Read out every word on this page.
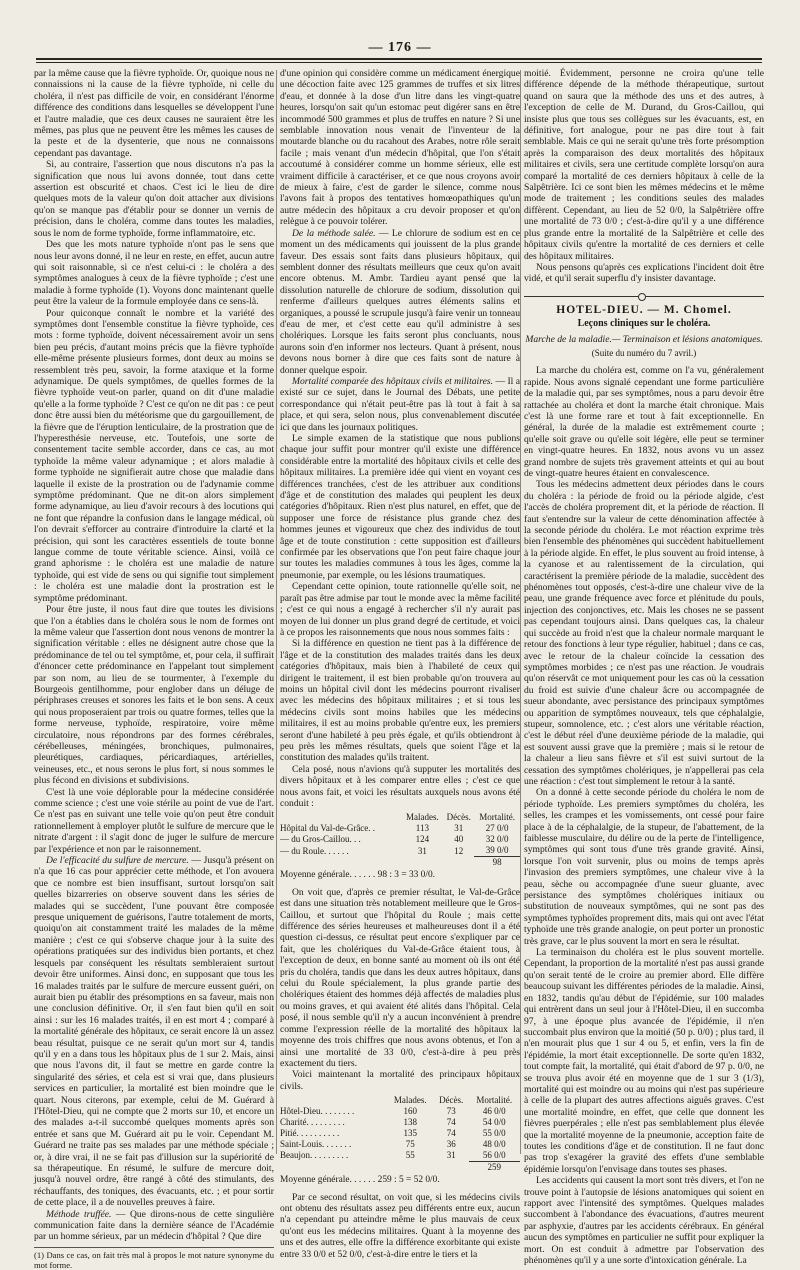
— 176 —

par la même cause que la fièvre typhoïde. Or, quoique nous ne connaissions ni la cause de la fièvre typhoïde, ni celle du choléra, il n'est pas difficile de voir, en considérant l'énorme différence des conditions dans lesquelles se développent l'une et l'autre maladie, que ces deux causes ne sauraient être les mêmes, pas plus que ne peuvent être les mêmes les causes de la peste et de la dysenterie, que nous ne connaissons cependant pas davantage.

Si, au contraire, l'assertion que nous discutons n'a pas la signification que nous lui avons donnée, tout dans cette assertion est obscurité et chaos. C'est ici le lieu de dire quelques mots de la valeur qu'on doit attacher aux divisions qu'on se manque pas d'établir pour se donner un vernis de précision, dans le choléra, comme dans toutes les maladies, sous le nom de forme typhoïde, forme inflammatoire, etc.

Des que les mots nature typhoïde n'ont pas le sens que nous leur avons donné, il ne leur en reste, en effet, aucun autre qui soit raisonnable, si ce n'est celui-ci : le choléra a des symptômes analogues à ceux de la fièvre typhoïde ; c'est une maladie à forme typhoïde (1). Voyons donc maintenant quelle peut être la valeur de la formule employée dans ce sens-là.

Pour quiconque connaît le nombre et la variété des symptômes dont l'ensemble constitue la fièvre typhoïde, ces mots : forme typhoïde, doivent nécessairement avoir un sens bien peu précis, d'autant moins précis que la fièvre typhoïde elle-même présente plusieurs formes, dont deux au moins se ressemblent très peu, savoir, la forme ataxique et la forme adynamique. De quels symptômes, de quelles formes de la fièvre typhoïde veut-on parler, quand on dit d'une maladie qu'elle a la forme typhoïde ? C'est ce qu'on ne dit pas : ce peut donc être aussi bien du météorisme que du gargouillement, de la fièvre que de l'éruption lenticulaire, de la prostration que de l'hyperesthésie nerveuse, etc. Toutefois, une sorte de consentement tacite semble accorder, dans ce cas, au mot typhoïde la même valeur adynamique ; et alors maladie à forme typhoïde ne signifierait autre chose que maladie dans laquelle il existe de la prostration ou de l'adynamie comme symptôme prédominant. Que ne dit-on alors simplement forme adynamique, au lieu d'avoir recours à des locutions qui ne font que répandre la confusion dans le langage médical, où l'on devrait s'efforcer au contraire d'introduire la clarté et la précision, qui sont les caractères essentiels de toute bonne langue comme de toute véritable science. Ainsi, voilà ce grand aphorisme : le choléra est une maladie de nature typhoïde, qui est vide de sens ou qui signifie tout simplement : le choléra est une maladie dont la prostration est le symptôme prédominant.

Pour être juste, il nous faut dire que toutes les divisions que l'on a établies dans le choléra sous le nom de formes ont la même valeur que l'assertion dont nous venons de montrer la signification véritable : elles ne désignent autre chose que la prédominance de tel ou tel symptôme, et, pour cela, il suffirait d'énoncer cette prédominance en l'appelant tout simplement par son nom, au lieu de se tourmenter, à l'exemple du Bourgeois gentilhomme, pour englober dans un déluge de périphrases creuses et sonores les faits et le bon sens. A ceux qui nous proposeraient par trois ou quatre formes, telles que la forme nerveuse, typhoïde, respiratoire, voire même circulatoire, nous répondrons par des formes cérébrales, cérébelleuses, méningées, bronchiques, pulmonaires, pleurétiques, cardiaques, péricardiaques, artérielles, veineuses, etc., et nous serons le plus fort, si nous sommes le plus fécond en divisions et subdivisions.

C'est là une voie déplorable pour la médecine considérée comme science ; c'est une voie stérile au point de vue de l'art. Ce n'est pas en suivant une telle voie qu'on peut être conduit rationnellement à employer plutôt le sulfure de mercure que le nitrate d'argent : il s'agit donc de juger le sulfure de mercure par l'expérience et non par le raisonnement.

De l'efficacité du sulfure de mercure. — Jusqu'à présent on n'a que 16 cas pour apprécier cette méthode, et l'on avouera que ce nombre est bien insuffisant, surtout lorsqu'on sait quelles bizarreries on observe souvent dans les séries de malades qui se succèdent, l'une pouvant être composée presque uniquement de guérisons, l'autre totalement de morts, quoiqu'on ait constamment traité les malades de la même manière ; c'est ce qui s'observe chaque jour à la suite des opérations pratiquées sur des individus bien portants, et chez lesquels par conséquent les résultats sembleraient surtout devoir être uniformes. Ainsi donc, en supposant que tous les 16 malades traités par le sulfure de mercure eussent guéri, on aurait bien pu établir des présomptions en sa faveur, mais non une conclusion définitive. Or, il s'en faut bien qu'il en soit ainsi : sur les 16 malades traités, il en est mort 4 ; comparé à la mortalité générale des hôpitaux, ce serait encore là un assez beau résultat, puisque ce ne serait qu'un mort sur 4, tandis qu'il y en a dans tous les hôpitaux plus de 1 sur 2. Mais, ainsi que nous l'avons dit, il faut se mettre en garde contre la singularité des séries, et cela est si vrai que, dans plusieurs services en particulier, la mortalité est bien moindre que le quart. Nous citerons, par exemple, celui de M. Guérard à l'Hôtel-Dieu, qui ne compte que 2 morts sur 10, et encore un des malades a-t-il succombé quelques moments après son entrée et sans que M. Guérard ait pu le voir. Cependant M. Guérard ne traite pas ses malades par une méthode spéciale ; or, à dire vrai, il ne se fait pas d'illusion sur la supériorité de sa thérapeutique. En résumé, le sulfure de mercure doit, jusqu'à nouvel ordre, être rangé à côté des stimulants, des réchauffants, des toniques, des évacuants, etc. ; et pour sortir de cette place, il a de nouvelles preuves à faire.

Méthode truffée. — Que dirons-nous de cette singulière communication faite dans la dernière séance de l'Académie par un homme sérieux, par un médecin d'hôpital ? Que dire

(1) Dans ce cas, on fait très mal à propos le mot nature synonyme du mot forme.

d'une opinion qui considère comme un médicament énergique une décoction faite avec 125 grammes de truffes et six litres d'eau, et donnée à la dose d'un litre dans les vingt-quatre heures, lorsqu'on sait qu'un estomac peut digérer sans en être incommodé 500 grammes et plus de truffes en nature ? Si une semblable innovation nous venait de l'inventeur de la moutarde blanche ou du racahout des Arabes, notre rôle serait facile ; mais venant d'un médecin d'hôpital, que l'on s'était accoutumé à considérer comme un homme sérieux, elle est vraiment difficile à caractériser, et ce que nous croyons avoir de mieux à faire, c'est de garder le silence, comme nous l'avons fait à propos des tentatives homœopathiques qu'un autre médecin des hôpitaux a cru devoir proposer et qu'on relègue à ce pouvoir tolérer.

De la méthode salée. — Le chlorure de sodium est en ce moment un des médicaments qui jouissent de la plus grande faveur. Des essais sont faits dans plusieurs hôpitaux, qui semblent donner des résultats meilleurs que ceux qu'on avait encore obtenus. M. Ambr. Tardieu ayant pensé que la dissolution naturelle de chlorure de sodium, dissolution qui renferme d'ailleurs quelques autres éléments salins et organiques, a poussé le scrupule jusqu'à faire venir un tonneau d'eau de mer, et c'est cette eau qu'il administre à ses cholériques. Lorsque les faits seront plus concluants, nous aurons soin d'en informer nos lecteurs. Quant à présent, nous devons nous borner à dire que ces faits sont de nature à donner quelque espoir.

Mortalité comparée des hôpitaux civils et militaires. — Il a existé sur ce sujet, dans le Journal des Débats, une petite correspondance qui n'était peut-être pas là tout à fait à sa place, et qui sera, selon nous, plus convenablement discutée ici que dans les journaux politiques.

Le simple examen de la statistique que nous publions chaque jour suffit pour montrer qu'il existe une différence considérable entre la mortalité des hôpitaux civils et celle des hôpitaux militaires. La première idée qui vient en voyant ces différences tranchées, c'est de les attribuer aux conditions d'âge et de constitution des malades qui peuplent les deux catégories d'hôpitaux. Rien n'est plus naturel, en effet, que de supposer une force de résistance plus grande chez des hommes jeunes et vigoureux que chez des individus de tout âge et de toute constitution : cette supposition est d'ailleurs confirmée par les observations que l'on peut faire chaque jour sur toutes les maladies communes à tous les âges, comme la pneumonie, par exemple, ou les lésions traumatiques.

Cependant cette opinion, toute rationnelle qu'elle soit, ne paraît pas être admise par tout le monde avec la même facilité ; c'est ce qui nous a engagé à rechercher s'il n'y aurait pas moyen de lui donner un plus grand degré de certitude, et voici à ce propos les raisonnements que nous nous sommes faits :

Si la différence en question ne tient pas à la différence de l'âge et de la constitution des malades traités dans les deux catégories d'hôpitaux, mais bien à l'habileté de ceux qui dirigent le traitement, il est bien probable qu'on trouvera au moins un hôpital civil dont les médecins pourront rivaliser avec les médecins des hôpitaux militaires ; et si tous les médecins civils sont moins habiles que les médecins militaires, il est au moins probable qu'entre eux, les premiers seront d'une habileté à peu près égale, et qu'ils obtiendront à peu près les mêmes résultats, quels que soient l'âge et la constitution des malades qu'ils traitent.

Cela posé, nous n'avions qu'à supputer les mortalités des divers hôpitaux et à les comparer entre elles ; c'est ce que nous avons fait, et voici les résultats auxquels nous avons été conduit :

	Malades.	Décès.	Mortalité.
Hôpital du Val-de-Grâce. .	113	31	27 0/0
— du Gros-Caillou. . .	124	40	32 0/0
— du Roule. . . . . .	31	12	39 0/0
			98
Moyenne générale. . . . . . 98 : 3 = 33 0/0.

On voit que, d'après ce premier résultat, le Val-de-Grâce est dans une situation très notablement meilleure que le Gros-Caillou, et surtout que l'hôpital du Roule ; mais cette différence des séries heureuses et malheureuses dont il a été question ci-dessus, ce résultat peut encore s'expliquer par ce fait, que les cholériques du Val-de-Grâce étaient tous, à l'exception de deux, en bonne santé au moment où ils ont été pris du choléra, tandis que dans les deux autres hôpitaux, dans celui du Roule spécialement, la plus grande partie des cholériques étaient des hommes déjà affectés de maladies plus ou moins graves, et qui avaient été alités dans l'hôpital. Cela posé, il nous semble qu'il n'y a aucun inconvénient à prendre comme l'expression réelle de la mortalité des hôpitaux la moyenne des trois chiffres que nous avons obtenus, et l'on a ainsi une mortalité de 33 0/0, c'est-à-dire à peu près exactement du tiers.

Voici maintenant la mortalité des principaux hôpitaux civils.

	Malades.	Décès.	Mortalité.
Hôtel-Dieu. . . . . . . .	160	73	46 0/0
Charité. . . . . . . . .	138	74	54 0/0
Pitié. . . . . . . . . .	135	74	55 0/0
Saint-Louis. . . . . . .	75	36	48 0/0
Beaujon. . . . . . . . .	55	31	56 0/0
			259
Moyenne générale. . . . . . 259 : 5 = 52 0/0.

Par ce second résultat, on voit que, si les médecins civils ont obtenu des résultats assez peu différents entre eux, aucun n'a cependant pu atteindre même le plus mauvais de ceux qu'ont eus les médecins militaires. Quant à la moyenne des uns et des autres, elle offre la différence exorbitante qui existe entre 33 0/0 et 52 0/0, c'est-à-dire entre le tiers et la

moitié. Évidemment, personne ne croira qu'une telle différence dépende de la méthode thérapeutique, surtout quand on saura que la méthode des uns et des autres, à l'exception de celle de M. Durand, du Gros-Caillou, qui insiste plus que tous ses collègues sur les évacuants, est, en définitive, fort analogue, pour ne pas dire tout à fait semblable. Mais ce qui ne serait qu'une très forte présomption après la comparaison des deux mortalités des hôpitaux militaires et civils, sera une certitude complète lorsqu'on aura comparé la mortalité de ces derniers hôpitaux à celle de la Salpêtrière. Ici ce sont bien les mêmes médecins et le même mode de traitement ; les conditions seules des malades diffèrent. Cependant, au lieu de 52 0/0, la Salpêtrière offre une mortalité de 73 0/0 ; c'est-à-dire qu'il y a une différence plus grande entre la mortalité de la Salpêtrière et celle des hôpitaux civils qu'entre la mortalité de ces derniers et celle des hôpitaux militaires.

Nous pensons qu'après ces explications l'incident doit être vidé, et qu'il serait superflu d'y insister davantage.

HOTEL-DIEU. — M. Chomel.
Leçons cliniques sur le choléra.
Marche de la maladie.— Terminaison et lésions anatomiques.
(Suite du numéro du 7 avril.)

La marche du choléra est, comme on l'a vu, généralement rapide. Nous avons signalé cependant une forme particulière de la maladie qui, par ses symptômes, nous a paru devoir être rattachée au choléra et dont la marche était chronique. Mais c'est là une forme rare et tout à fait exceptionnelle. En général, la durée de la maladie est extrêmement courte ; qu'elle soit grave ou qu'elle soit légère, elle peut se terminer en vingt-quatre heures. En 1832, nous avons vu un assez grand nombre de sujets très gravement atteints et qui au bout de vingt-quatre heures étaient en convalescence.

Tous les médecins admettent deux périodes dans le cours du choléra : la période de froid ou la période algide, c'est l'accès de choléra proprement dit, et la période de réaction. Il faut s'entendre sur la valeur de cette dénomination affectée à la seconde période du choléra. Le mot réaction exprime très bien l'ensemble des phénomènes qui succèdent habituellement à la période algide. En effet, le plus souvent au froid intense, à la cyanose et au ralentissement de la circulation, qui caractérisent la première période de la maladie, succèdent des phénomènes tout opposés, c'est-à-dire une chaleur vive de la peau, une grande fréquence avec force et plénitude du pouls, injection des conjonctives, etc. Mais les choses ne se passent pas cependant toujours ainsi. Dans quelques cas, la chaleur qui succède au froid n'est que la chaleur normale marquant le retour des fonctions à leur type régulier, habituel ; dans ce cas, avec le retour de la chaleur coïncide la cessation des symptômes morbides ; ce n'est pas une réaction. Je voudrais qu'on réservât ce mot uniquement pour les cas où la cessation du froid est suivie d'une chaleur âcre ou accompagnée de sueur abondante, avec persistance des principaux symptômes ou apparition de symptômes nouveaux, tels que céphalalgie, stupeur, somnolence, etc. ; c'est alors une véritable réaction, c'est le début réel d'une deuxième période de la maladie, qui est souvent aussi grave que la première ; mais si le retour de la chaleur a lieu sans fièvre et s'il est suivi surtout de la cessation des symptômes cholériques, je n'appellerai pas cela une réaction : c'est tout simplement le retour à la santé.

On a donné à cette seconde période du choléra le nom de période typhoïde. Les premiers symptômes du choléra, les selles, les crampes et les vomissements, ont cessé pour faire place à de la céphalalgie, de la stupeur, de l'abattement, de la faiblesse musculaire, du délire ou de la perte de l'intelligence, symptômes qui sont tous d'une très grande gravité. Ainsi, lorsque l'on voit survenir, plus ou moins de temps après l'invasion des premiers symptômes, une chaleur vive à la peau, sèche ou accompagnée d'une sueur gluante, avec persistance des symptômes cholériques initiaux ou substitution de nouveaux symptômes, qui ne sont pas des symptômes typhoïdes proprement dits, mais qui ont avec l'état typhoïde une très grande analogie, on peut porter un pronostic très grave, car le plus souvent la mort en sera le résultat.

La terminaison du choléra est le plus souvent mortelle. Cependant, la proportion de la mortalité n'est pas aussi grande qu'on serait tenté de le croire au premier abord. Elle diffère beaucoup suivant les différentes périodes de la maladie. Ainsi, en 1832, tandis qu'au début de l'épidémie, sur 100 malades qui entrèrent dans un seul jour à l'Hôtel-Dieu, il en succomba 97, à une époque plus avancée de l'épidémie, il n'en succombait plus environ que la moitié (50 p. 0/0) ; plus tard, il n'en mourait plus que 1 sur 4 ou 5, et enfin, vers la fin de l'épidémie, la mort était exceptionnelle. De sorte qu'en 1832, tout compte fait, la mortalité, qui était d'abord de 97 p. 0/0, ne se trouva plus avoir été en moyenne que de 1 sur 3 (1/3), mortalité qui est moindre ou au moins qui n'est pas supérieure à celle de la plupart des autres affections aiguës graves. C'est une mortalité moindre, en effet, que celle que donnent les fièvres puerpérales ; elle n'est pas semblablement plus élevée que la mortalité moyenne de la pneumonie, acception faite de toutes les conditions d'âge et de constitution. Il ne faut donc pas trop s'exagérer la gravité des effets d'une semblable épidémie lorsqu'on l'envisage dans toutes ses phases.

Les accidents qui causent la mort sont très divers, et l'on ne trouve point à l'autopsie de lésions anatomiques qui soient en rapport avec l'intensité des symptômes. Quelques malades succombent à l'abondance des évacuations, d'autres meurent par asphyxie, d'autres par les accidents cérébraux. En général aucun des symptômes en particulier ne suffit pour expliquer la mort. On est conduit à admettre par l'observation des phénomènes qu'il y a une sorte d'intoxication générale. La
